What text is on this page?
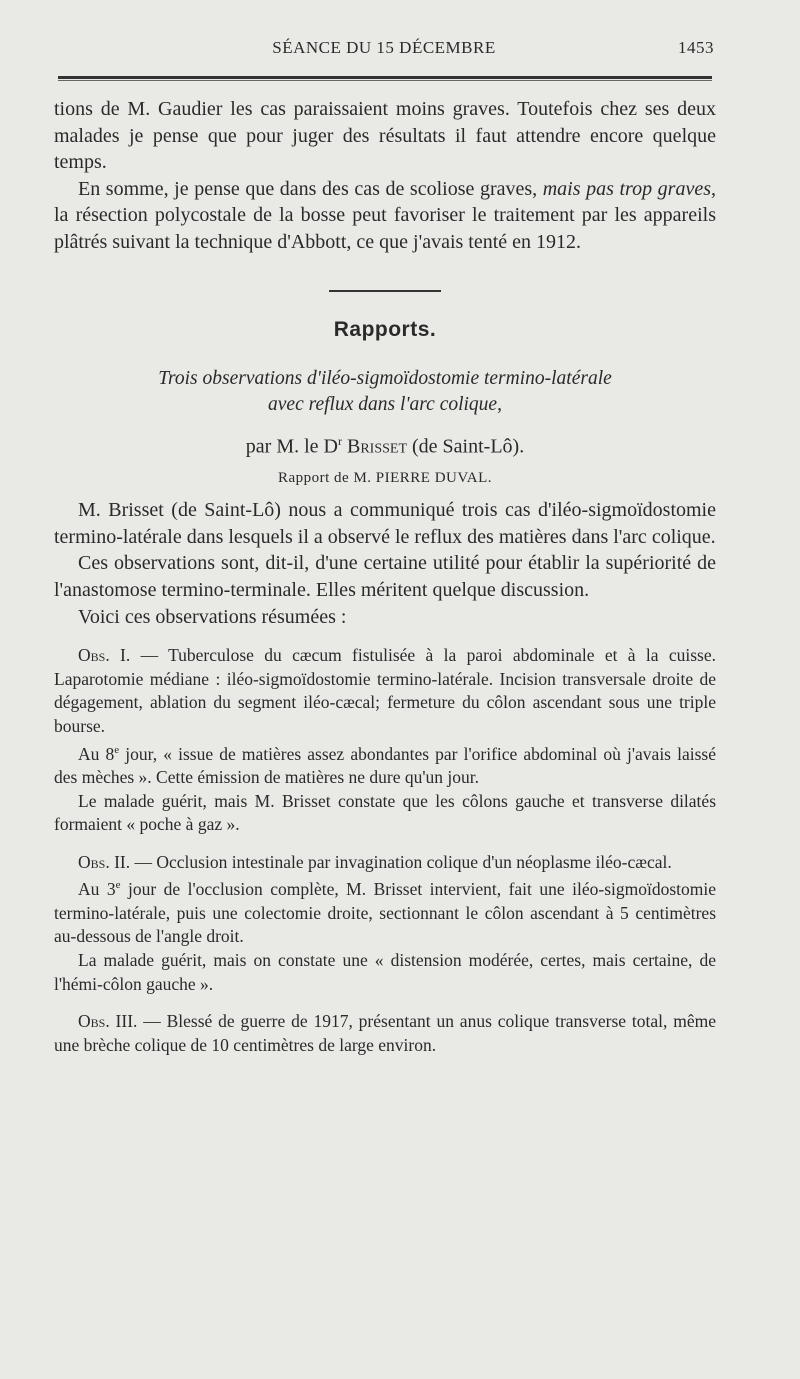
SÉANCE DU 15 DÉCEMBRE	1453

tions de M. Gaudier les cas paraissaient moins graves. Toutefois chez ses deux malades je pense que pour juger des résultats il faut attendre encore quelque temps.

En somme, je pense que dans des cas de scoliose graves, mais pas trop graves, la résection polycostale de la bosse peut favoriser le traitement par les appareils plâtrés suivant la technique d'Abbott, ce que j'avais tenté en 1912.

Rapports.
Trois observations d'iléo-sigmoïdostomie termino-latérale
avec reflux dans l'arc colique,
par M. le $D^r$ Brisset (de Saint-Lô).
Rapport de M. PIERRE DUVAL.

M. Brisset (de Saint-Lô) nous a communiqué trois cas d'iléo-sigmoïdostomie termino-latérale dans lesquels il a observé le reflux des matières dans l'arc colique.

Ces observations sont, dit-il, d'une certaine utilité pour établir la supériorité de l'anastomose termino-terminale. Elles méritent quelque discussion.

Voici ces observations résumées :

Obs. I. — Tuberculose du cæcum fistulisée à la paroi abdominale et à la cuisse. Laparotomie médiane : iléo-sigmoïdostomie termino-latérale. Incision transversale droite de dégagement, ablation du segment iléo-cæcal; fermeture du côlon ascendant sous une triple bourse.

Au 8e jour, « issue de matières assez abondantes par l'orifice abdominal où j'avais laissé des mèches ». Cette émission de matières ne dure qu'un jour.

Le malade guérit, mais M. Brisset constate que les côlons gauche et transverse dilatés formaient « poche à gaz ».

Obs. II. — Occlusion intestinale par invagination colique d'un néoplasme iléo-cæcal.

Au 3e jour de l'occlusion complète, M. Brisset intervient, fait une iléo-sigmoïdostomie termino-latérale, puis une colectomie droite, sectionnant le côlon ascendant à 5 centimètres au-dessous de l'angle droit.

La malade guérit, mais on constate une « distension modérée, certes, mais certaine, de l'hémi-côlon gauche ».

Obs. III. — Blessé de guerre de 1917, présentant un anus colique transverse total, même une brèche colique de 10 centimètres de large environ.
